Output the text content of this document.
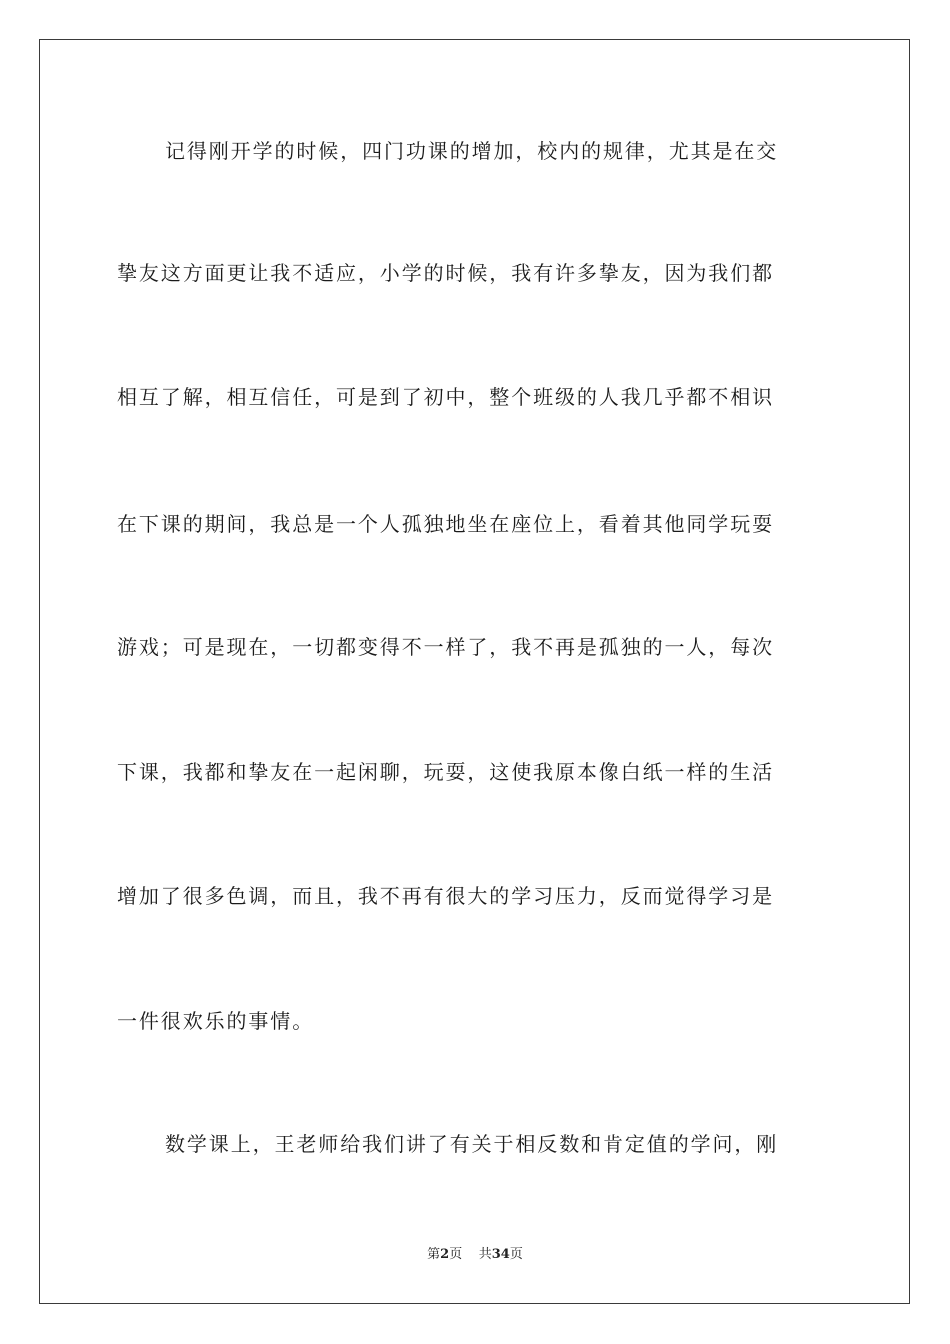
记得刚开学的时候，四门功课的增加，校内的规律，尤其是在交
挚友这方面更让我不适应，小学的时候，我有许多挚友，因为我们都
相互了解，相互信任，可是到了初中，整个班级的人我几乎都不相识
在下课的期间，我总是一个人孤独地坐在座位上，看着其他同学玩耍
游戏；可是现在，一切都变得不一样了，我不再是孤独的一人，每次
下课，我都和挚友在一起闲聊，玩耍，这使我原本像白纸一样的生活
增加了很多色调，而且，我不再有很大的学习压力，反而觉得学习是
一件很欢乐的事情。
数学课上，王老师给我们讲了有关于相反数和肯定值的学问，刚
第2页 共34页
